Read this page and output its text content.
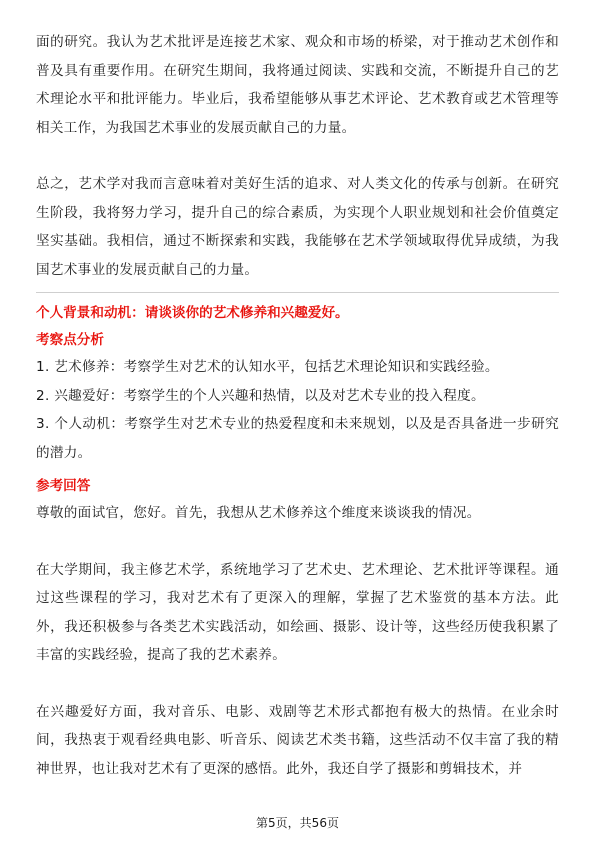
面的研究。我认为艺术批评是连接艺术家、观众和市场的桥梁，对于推动艺术创作和普及具有重要作用。在研究生期间，我将通过阅读、实践和交流，不断提升自己的艺术理论水平和批评能力。毕业后，我希望能够从事艺术评论、艺术教育或艺术管理等相关工作，为我国艺术事业的发展贡献自己的力量。

总之，艺术学对我而言意味着对美好生活的追求、对人类文化的传承与创新。在研究生阶段，我将努力学习，提升自己的综合素质，为实现个人职业规划和社会价值奠定坚实基础。我相信，通过不断探索和实践，我能够在艺术学领域取得优异成绩，为我国艺术事业的发展贡献自己的力量。

个人背景和动机：请谈谈你的艺术修养和兴趣爱好。

考察点分析

1. 艺术修养：考察学生对艺术的认知水平，包括艺术理论知识和实践经验。

2. 兴趣爱好：考察学生的个人兴趣和热情，以及对艺术专业的投入程度。

3. 个人动机：考察学生对艺术专业的热爱程度和未来规划，以及是否具备进一步研究的潜力。

参考回答

尊敬的面试官，您好。首先，我想从艺术修养这个维度来谈谈我的情况。

在大学期间，我主修艺术学，系统地学习了艺术史、艺术理论、艺术批评等课程。通过这些课程的学习，我对艺术有了更深入的理解，掌握了艺术鉴赏的基本方法。此外，我还积极参与各类艺术实践活动，如绘画、摄影、设计等，这些经历使我积累了丰富的实践经验，提高了我的艺术素养。

在兴趣爱好方面，我对音乐、电影、戏剧等艺术形式都抱有极大的热情。在业余时间，我热衷于观看经典电影、听音乐、阅读艺术类书籍，这些活动不仅丰富了我的精神世界，也让我对艺术有了更深的感悟。此外，我还自学了摄影和剪辑技术，并

第5页，共56页
